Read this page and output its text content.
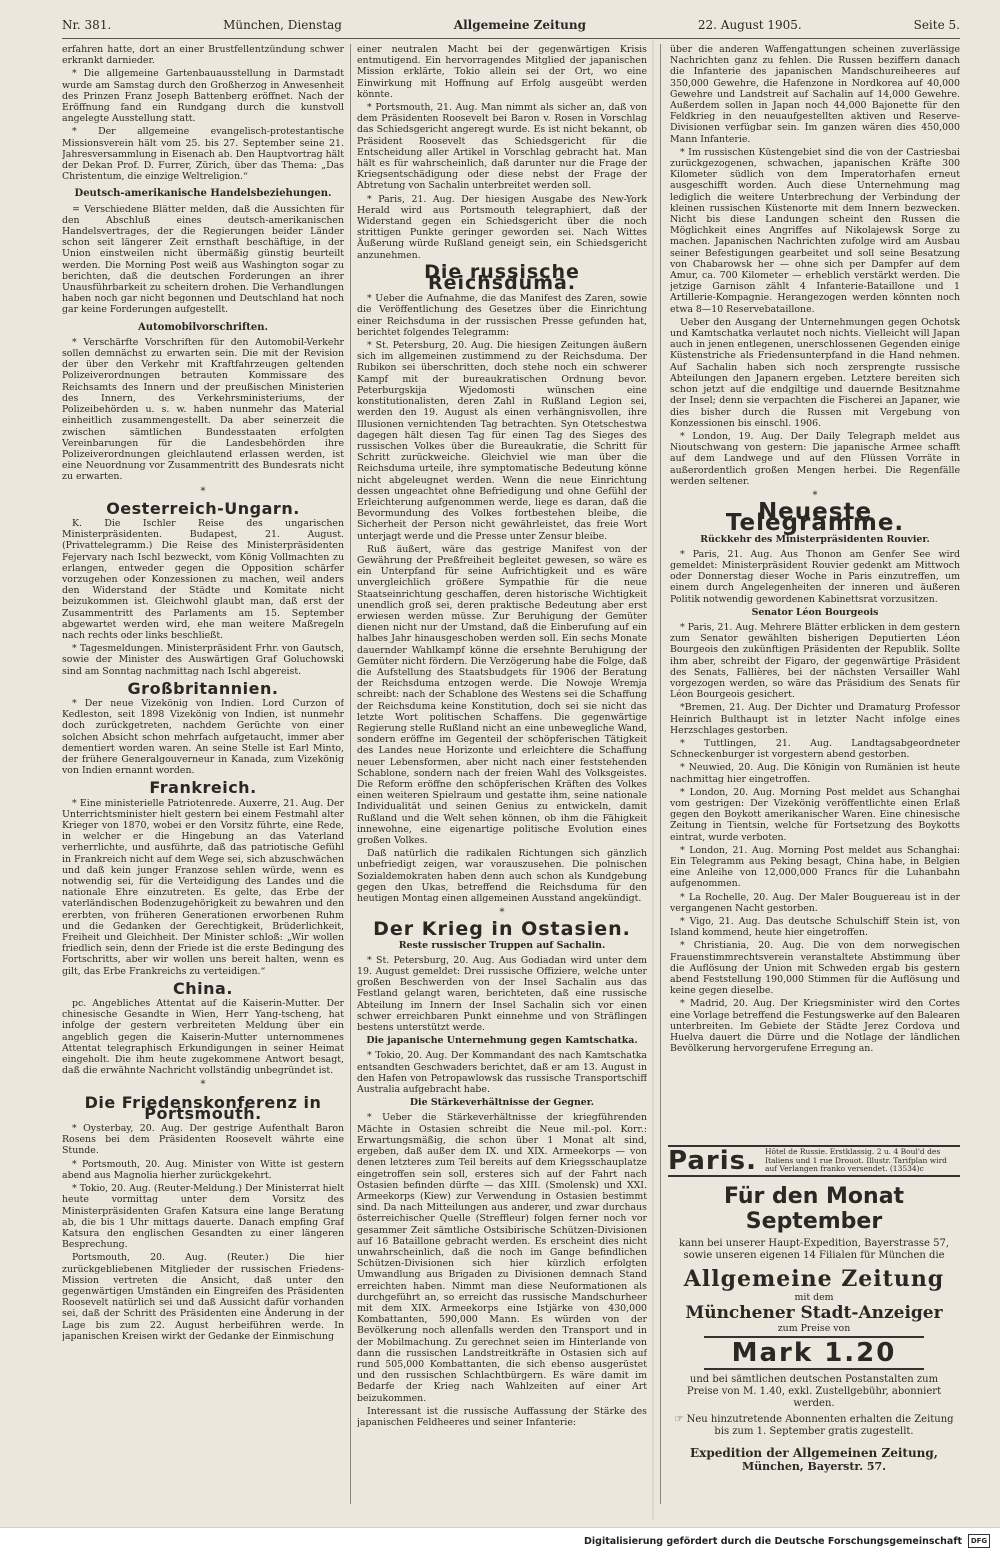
Nr. 381.	München, Dienstag	Allgemeine Zeitung	22. August 1905.	Seite 5.

erfahren hatte, dort an einer Brustfellentzündung schwer erkrankt darnieder.

* Die allgemeine Gartenbauausstellung in Darmstadt wurde am Samstag durch den Großherzog in Anwesenheit des Prinzen Franz Joseph Battenberg eröffnet. Nach der Eröffnung fand ein Rundgang durch die kunstvoll angelegte Ausstellung statt.

* Der allgemeine evangelisch-protestantische Missionsverein hält vom 25. bis 27. September seine 21. Jahresversammlung in Eisenach ab. Den Hauptvortrag hält der Dekan Prof. D. Furrer, Zürich, über das Thema: „Das Christentum, die einzige Weltreligion.“

Deutsch-amerikanische Handelsbeziehungen.

= Verschiedene Blätter melden, daß die Aussichten für den Abschluß eines deutsch-amerikanischen Handelsvertrages, der die Regierungen beider Länder schon seit längerer Zeit ernsthaft beschäftige, in der Union einstweilen nicht übermäßig günstig beurteilt werden. Die Morning Post weiß aus Washington sogar zu berichten, daß die deutschen Forderungen an ihrer Unausführbarkeit zu scheitern drohen. Die Verhandlungen haben noch gar nicht begonnen und Deutschland hat noch gar keine Forderungen aufgestellt.

Automobilvorschriften.

* Verschärfte Vorschriften für den Automobil-Verkehr sollen demnächst zu erwarten sein. Die mit der Revision der über den Verkehr mit Kraftfahrzeugen geltenden Polizeiverordnungen betrauten Kommissare des Reichsamts des Innern und der preußischen Ministerien des Innern, des Verkehrsministeriums, der Polizeibehörden u. s. w. haben nunmehr das Material einheitlich zusammengestellt. Da aber seinerzeit die zwischen sämtlichen Bundesstaaten erfolgten Vereinbarungen für die Landesbehörden ihre Polizeiverordnungen gleichlautend erlassen werden, ist eine Neuordnung vor Zusammentritt des Bundesrats nicht zu erwarten.

*
Oesterreich-Ungarn.

K. Die Ischler Reise des ungarischen Ministerpräsidenten. Budapest, 21. August. (Privattelegramm.) Die Reise des Ministerpräsidenten Fejervary nach Ischl bezweckt, vom König Vollmachten zu erlangen, entweder gegen die Opposition schärfer vorzugehen oder Konzessionen zu machen, weil anders den Widerstand der Städte und Komitate nicht beizukommen ist. Gleichwohl glaubt man, daß erst der Zusammentritt des Parlaments am 15. September abgewartet werden wird, ehe man weitere Maßregeln nach rechts oder links beschließt.

* Tagesmeldungen. Ministerpräsident Frhr. von Gautsch, sowie der Minister des Auswärtigen Graf Goluchowski sind am Sonntag nachmittag nach Ischl abgereist.

Großbritannien.

* Der neue Vizekönig von Indien. Lord Curzon of Kedleston, seit 1898 Vizekönig von Indien, ist nunmehr doch zurückgetreten, nachdem Gerüchte von einer solchen Absicht schon mehrfach aufgetaucht, immer aber dementiert worden waren. An seine Stelle ist Earl Minto, der frühere Generalgouverneur in Kanada, zum Vizekönig von Indien ernannt worden.

Frankreich.

* Eine ministerielle Patriotenrede. Auxerre, 21. Aug. Der Unterrichtsminister hielt gestern bei einem Festmahl alter Krieger von 1870, wobei er den Vorsitz führte, eine Rede, in welcher er die Hingebung an das Vaterland verherrlichte, und ausführte, daß das patriotische Gefühl in Frankreich nicht auf dem Wege sei, sich abzuschwächen und daß kein junger Franzose sehlen würde, wenn es notwendig sei, für die Verteidigung des Landes und die nationale Ehre einzutreten. Es gelte, das Erbe der vaterländischen Bodenzugehörigkeit zu bewahren und den ererbten, von früheren Generationen erworbenen Ruhm und die Gedanken der Gerechtigkeit, Brüderlichkeit, Freiheit und Gleichheit. Der Minister schloß: „Wir wollen friedlich sein, denn der Friede ist die erste Bedingung des Fortschritts, aber wir wollen uns bereit halten, wenn es gilt, das Erbe Frankreichs zu verteidigen.“

China.

pc. Angebliches Attentat auf die Kaiserin-Mutter. Der chinesische Gesandte in Wien, Herr Yang-tscheng, hat infolge der gestern verbreiteten Meldung über ein angeblich gegen die Kaiserin-Mutter unternommenes Attentat telegraphisch Erkundigungen in seiner Heimat eingeholt. Die ihm heute zugekommene Antwort besagt, daß die erwähnte Nachricht vollständig unbegründet ist.

*
Die Friedenskonferenz in Portsmouth.

* Oysterbay, 20. Aug. Der gestrige Aufenthalt Baron Rosens bei dem Präsidenten Roosevelt währte eine Stunde.

* Portsmouth, 20. Aug. Minister von Witte ist gestern abend aus Magnolia hierher zurückgekehrt.

* Tokio, 20. Aug. (Reuter-Meldung.) Der Ministerrat hielt heute vormittag unter dem Vorsitz des Ministerpräsidenten Grafen Katsura eine lange Beratung ab, die bis 1 Uhr mittags dauerte. Danach empfing Graf Katsura den englischen Gesandten zu einer längeren Besprechung.

Portsmouth, 20. Aug. (Reuter.) Die hier zurückgebliebenen Mitglieder der russischen Friedens-Mission vertreten die Ansicht, daß unter den gegenwärtigen Umständen ein Eingreifen des Präsidenten Roosevelt natürlich sei und daß Aussicht dafür vorhanden sei, daß der Schritt des Präsidenten eine Änderung in der Lage bis zum 22. August herbeiführen werde. In japanischen Kreisen wirkt der Gedanke der Einmischung

einer neutralen Macht bei der gegenwärtigen Krisis entmutigend. Ein hervorragendes Mitglied der japanischen Mission erklärte, Tokio allein sei der Ort, wo eine Einwirkung mit Hoffnung auf Erfolg ausgeübt werden könnte.

* Portsmouth, 21. Aug. Man nimmt als sicher an, daß von dem Präsidenten Roosevelt bei Baron v. Rosen in Vorschlag das Schiedsgericht angeregt wurde. Es ist nicht bekannt, ob Präsident Roosevelt das Schiedsgericht für die Entscheidung aller Artikel in Vorschlag gebracht hat. Man hält es für wahrscheinlich, daß darunter nur die Frage der Kriegsentschädigung oder diese nebst der Frage der Abtretung von Sachalin unterbreitet werden soll.

* Paris, 21. Aug. Der hiesigen Ausgabe des New-York Herald wird aus Portsmouth telegraphiert, daß der Widerstand gegen ein Schiedsgericht über die noch strittigen Punkte geringer geworden sei. Nach Wittes Äußerung würde Rußland geneigt sein, ein Schiedsgericht anzunehmen.

Die russische Reichsduma.

* Ueber die Aufnahme, die das Manifest des Zaren, sowie die Veröffentlichung des Gesetzes über die Einrichtung einer Reichsduma in der russischen Presse gefunden hat, berichtet folgendes Telegramm:

* St. Petersburg, 20. Aug. Die hiesigen Zeitungen äußern sich im allgemeinen zustimmend zu der Reichsduma. Der Rubikon sei überschritten, doch stehe noch ein schwerer Kampf mit der bureaukratischen Ordnung bevor. Peterburgskija Wjedomosti wünschen eine konstitutionalisten, deren Zahl in Rußland Legion sei, werden den 19. August als einen verhängnisvollen, ihre Illusionen vernichtenden Tag betrachten. Syn Otetschestwa dagegen hält diesen Tag für einen Tag des Sieges des russischen Volkes über die Bureaukratie, die Schritt für Schritt zurückweiche. Gleichviel wie man über die Reichsduma urteile, ihre symptomatische Bedeutung könne nicht abgeleugnet werden. Wenn die neue Einrichtung dessen ungeachtet ohne Befriedigung und ohne Gefühl der Erleichterung aufgenommen werde, liege es daran, daß die Bevormundung des Volkes fortbestehen bleibe, die Sicherheit der Person nicht gewährleistet, das freie Wort unterjagt werde und die Presse unter Zensur bleibe.

Ruß äußert, wäre das gestrige Manifest von der Gewährung der Preßfreiheit begleitet gewesen, so wäre es ein Unterpfand für seine Aufrichtigkeit und es wäre unvergleichlich größere Sympathie für die neue Staatseinrichtung geschaffen, deren historische Wichtigkeit unendlich groß sei, deren praktische Bedeutung aber erst erwiesen werden müsse. Zur Beruhigung der Gemüter dienen nicht nur der Umstand, daß die Einberufung auf ein halbes Jahr hinausgeschoben werden soll. Ein sechs Monate dauernder Wahlkampf könne die ersehnte Beruhigung der Gemüter nicht fördern. Die Verzögerung habe die Folge, daß die Aufstellung des Staatsbudgets für 1906 der Beratung der Reichsduma entzogen werde. Die Nowoje Wremja schreibt: nach der Schablone des Westens sei die Schaffung der Reichsduma keine Konstitution, doch sei sie nicht das letzte Wort politischen Schaffens. Die gegenwärtige Regierung stelle Rußland nicht an eine unbewegliche Wand, sondern eröffne im Gegenteil der schöpferischen Tätigkeit des Landes neue Horizonte und erleichtere die Schaffung neuer Lebensformen, aber nicht nach einer feststehenden Schablone, sondern nach der freien Wahl des Volksgeistes. Die Reform eröffne den schöpferischen Kräften des Volkes einen weiteren Spielraum und gestatte ihm, seine nationale Individualität und seinen Genius zu entwickeln, damit Rußland und die Welt sehen können, ob ihm die Fähigkeit innewohne, eine eigenartige politische Evolution eines großen Volkes.

Daß natürlich die radikalen Richtungen sich gänzlich unbefriedigt zeigen, war vorauszusehen. Die polnischen Sozialdemokraten haben denn auch schon als Kundgebung gegen den Ukas, betreffend die Reichsduma für den heutigen Montag einen allgemeinen Ausstand angekündigt.

*
Der Krieg in Ostasien.
Reste russischer Truppen auf Sachalin.

* St. Petersburg, 20. Aug. Aus Godiadan wird unter dem 19. August gemeldet: Drei russische Offiziere, welche unter großen Beschwerden von der Insel Sachalin aus das Festland gelangt waren, berichteten, daß eine russische Abteilung im Innern der Insel Sachalin sich vor einen schwer erreichbaren Punkt einnehme und von Sträflingen bestens unterstützt werde.

Die japanische Unternehmung gegen Kamtschatka.

* Tokio, 20. Aug. Der Kommandant des nach Kamtschatka entsandten Geschwaders berichtet, daß er am 13. August in den Hafen von Petropawlowsk das russische Transportschiff Australia aufgebracht habe.

Die Stärkeverhältnisse der Gegner.

* Ueber die Stärkeverhältnisse der kriegführenden Mächte in Ostasien schreibt die Neue mil.-pol. Korr.: Erwartungsmäßig, die schon über 1 Monat alt sind, ergeben, daß außer dem IX. und XIX. Armeekorps — von denen letzteres zum Teil bereits auf dem Kriegsschauplatze eingetroffen sein soll, ersteres sich auf der Fahrt nach Ostasien befinden dürfte — das XIII. (Smolensk) und XXI. Armeekorps (Kiew) zur Verwendung in Ostasien bestimmt sind. Da nach Mitteilungen aus anderer, und zwar durchaus österreichischer Quelle (Streffleur) folgen ferner noch vor gesammer Zeit sämtliche Ostsibirische Schützen-Divisionen auf 16 Bataillone gebracht werden. Es erscheint dies nicht unwahrscheinlich, daß die noch im Gange befindlichen Schützen-Divisionen sich hier kürzlich erfolgten Umwandlung aus Brigaden zu Divisionen demnach Stand erreichten haben. Nimmt man diese Neuformationen als durchgeführt an, so erreicht das russische Mandschurheer mit dem XIX. Armeekorps eine Istjärke von 430,000 Kombattanten, 590,000 Mann. Es würden von der Bevölkerung noch allenfalls werden den Transport und in der Mobilmachung. Zu gerechnet seien im Hinterlande von dann die russischen Landstreitkräfte in Ostasien sich auf rund 505,000 Kombattanten, die sich ebenso ausgerüstet und den russischen Schlachtbürgern. Es wäre damit im Bedarfe der Krieg nach Wahlzeiten auf einer Art beizukommen.

Interessant ist die russische Auffassung der Stärke des japanischen Feldheeres und seiner Infanterie:

über die anderen Waffengattungen scheinen zuverlässige Nachrichten ganz zu fehlen. Die Russen beziffern danach die Infanterie des japanischen Mandschureiheeres auf 350,000 Gewehre, die Hafenzone in Nordkorea auf 40,000 Gewehre und Landstreit auf Sachalin auf 14,000 Gewehre. Außerdem sollen in Japan noch 44,000 Bajonette für den Feldkrieg in den neuaufgestellten aktiven und Reserve-Divisionen verfügbar sein. Im ganzen wären dies 450,000 Mann Infanterie.

* Im russischen Küstengebiet sind die von der Castriesbai zurückgezogenen, schwachen, japanischen Kräfte 300 Kilometer südlich von dem Imperatorhafen erneut ausgeschifft worden. Auch diese Unternehmung mag lediglich die weitere Unterbrechung der Verbindung der kleinen russischen Küstenorte mit dem Innern bezwecken. Nicht bis diese Landungen scheint den Russen die Möglichkeit eines Angriffes auf Nikolajewsk Sorge zu machen. Japanischen Nachrichten zufolge wird am Ausbau seiner Befestigungen gearbeitet und soll seine Besatzung von Chabarowsk her — ohne sich per Dampfer auf dem Amur, ca. 700 Kilometer — erheblich verstärkt werden. Die jetzige Garnison zählt 4 Infanterie-Bataillone und 1 Artillerie-Kompagnie. Herangezogen werden könnten noch etwa 8—10 Reservebataillone.

Ueber den Ausgang der Unternehmungen gegen Ochotsk und Kamtschatka verlautet noch nichts. Vielleicht will Japan auch in jenen entlegenen, unerschlossenen Gegenden einige Küstenstriche als Friedensunterpfand in die Hand nehmen. Auf Sachalin haben sich noch zersprengte russische Abteilungen den Japanern ergeben. Letztere bereiten sich schon jetzt auf die endgiltige und dauernde Besitznahme der Insel; denn sie verpachten die Fischerei an Japaner, wie dies bisher durch die Russen mit Vergebung von Konzessionen bis einschl. 1906.

* London, 19. Aug. Der Daily Telegraph meldet aus Nioutschwang von gestern: Die japanische Armee schafft auf dem Landwege und auf den Flüssen Vorräte in außerordentlich großen Mengen herbei. Die Regenfälle werden seltener.

*
Neueste Telegramme.
Rückkehr des Ministerpräsidenten Rouvier.

* Paris, 21. Aug. Aus Thonon am Genfer See wird gemeldet: Ministerpräsident Rouvier gedenkt am Mittwoch oder Donnerstag dieser Woche in Paris einzutreffen, um einem durch Angelegenheiten der inneren und äußeren Politik notwendig gewordenen Kabinettsrat vorzusitzen.

Senator Léon Bourgeois

* Paris, 21. Aug. Mehrere Blätter erblicken in dem gestern zum Senator gewählten bisherigen Deputierten Léon Bourgeois den zukünftigen Präsidenten der Republik. Sollte ihm aber, schreibt der Figaro, der gegenwärtige Präsident des Senats, Fallières, bei der nächsten Versailler Wahl vorgezogen werden, so wäre das Präsidium des Senats für Léon Bourgeois gesichert.

*Bremen, 21. Aug. Der Dichter und Dramaturg Professor Heinrich Bulthaupt ist in letzter Nacht infolge eines Herzschlages gestorben.

* Tuttlingen, 21. Aug. Landtagsabgeordneter Schneckenburger ist vorgestern abend gestorben.

* Neuwied, 20. Aug. Die Königin von Rumänien ist heute nachmittag hier eingetroffen.

* London, 20. Aug. Morning Post meldet aus Schanghai vom gestrigen: Der Vizekönig veröffentlichte einen Erlaß gegen den Boykott amerikanischer Waren. Eine chinesische Zeitung in Tientsin, welche für Fortsetzung des Boykotts eintrat, wurde verboten.

* London, 21. Aug. Morning Post meldet aus Schanghai: Ein Telegramm aus Peking besagt, China habe, in Belgien eine Anleihe von 12,000,000 Francs für die Luhanbahn aufgenommen.

* La Rochelle, 20. Aug. Der Maler Bouguereau ist in der vergangenen Nacht gestorben.

* Vigo, 21. Aug. Das deutsche Schulschiff Stein ist, von Island kommend, heute hier eingetroffen.

* Christiania, 20. Aug. Die von dem norwegischen Frauenstimmrechtsverein veranstaltete Abstimmung über die Auflösung der Union mit Schweden ergab bis gestern abend Feststellung 190,000 Stimmen für die Auflösung und keine gegen dieselbe.

* Madrid, 20. Aug. Der Kriegsminister wird den Cortes eine Vorlage betreffend die Festungswerke auf den Balearen unterbreiten. Im Gebiete der Städte Jerez Cordova und Huelva dauert die Dürre und die Notlage der ländlichen Bevölkerung hervorgerufene Erregung an.

Paris. Hôtel de Russie. Erstklassig. 2 u. 4 Boul'd des Italiens und 1 rue Drouot. Illustr. Tarifplan wird auf Verlangen franko versendet. (13534)c
Für den Monat September
kann bei unserer Haupt-Expedition, Bayerstrasse 57, sowie unseren eigenen 14 Filialen für München die
Allgemeine Zeitung
mit dem
Münchener Stadt-Anzeiger
zum Preise von
Mark 1.20
und bei sämtlichen deutschen Postanstalten zum Preise von M. 1.40, exkl. Zustellgebühr, abonniert werden.
☞ Neu hinzutretende Abonnenten erhalten die Zeitung bis zum 1. September gratis zugestellt.
Expedition der Allgemeinen Zeitung,
München, Bayerstr. 57.
Digitalisierung gefördert durch die Deutsche Forschungsgemeinschaft	DFG
